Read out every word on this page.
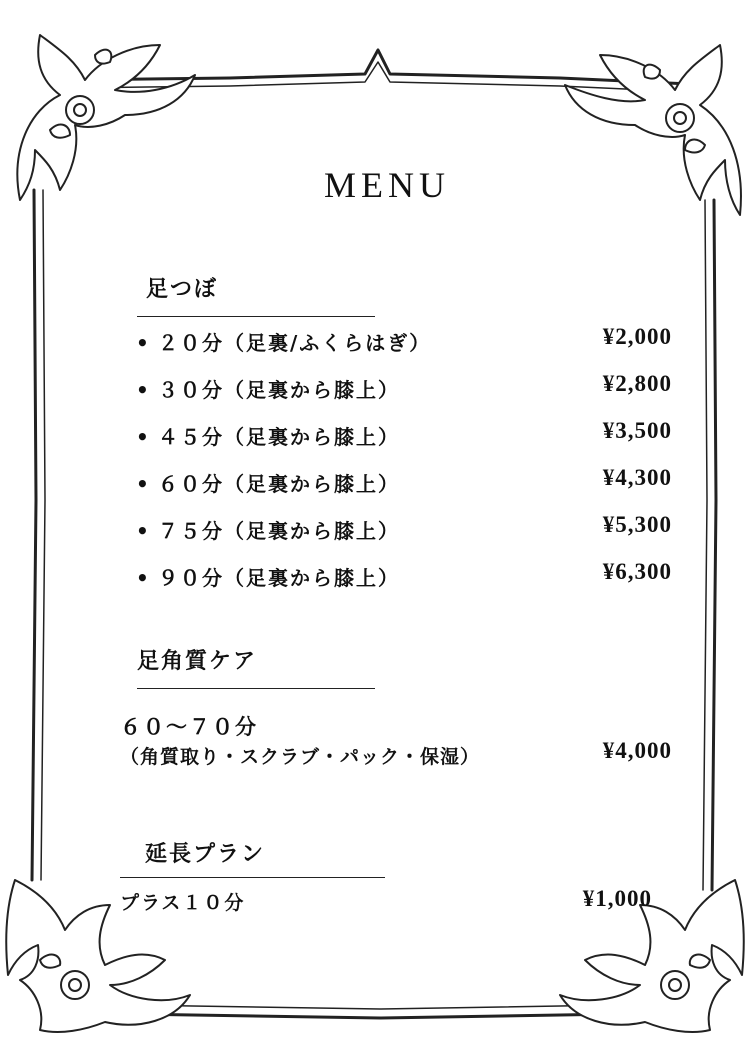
MENU
足つぼ
• ２０分（足裏/ふくらはぎ）	¥2,000
• ３０分（足裏から膝上）	¥2,800
• ４５分（足裏から膝上）	¥3,500
• ６０分（足裏から膝上）	¥4,300
• ７５分（足裏から膝上）	¥5,300
• ９０分（足裏から膝上）	¥6,300
足角質ケア
６０～７０分
（角質取り・スクラブ・パック・保湿）	¥4,000
延長プラン
プラス１０分	¥1,000
